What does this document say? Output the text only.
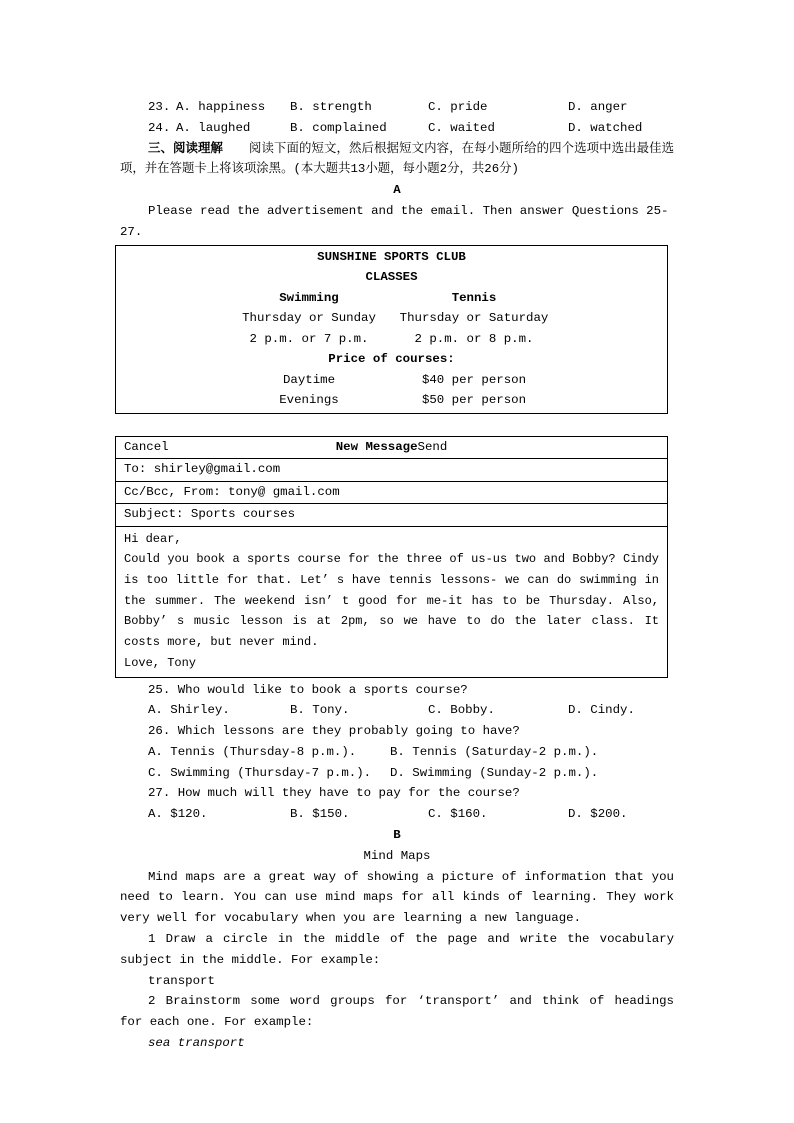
23. A. happiness	B. strength	C. pride	D. anger
24. A. laughed	B. complained	C. waited	D. watched

三、阅读理解 阅读下面的短文，然后根据短文内容，在每小题所给的四个选项中选出最佳选项，并在答题卡上将该项涂黑。(本大题共13小题，每小题2分，共26分)

A

Please read the advertisement and the email. Then answer Questions 25-27.

SUNSHINE SPORTS CLUB
CLASSES
Swimming	Tennis
Thursday or Sunday	Thursday or Saturday
2 p.m. or 7 p.m.	2 p.m. or 8 p.m.
Price of courses:
Daytime	$40 per person
Evenings	$50 per person
Cancel	New MessageSend
To: shirley@gmail.com
Cc/Bcc, From: tony@ gmail.com
Subject: Sports courses

Hi dear,

Could you book a sports course for the three of us-us two and Bobby? Cindy is too little for that. Let’ s have tennis lessons- we can do swimming in the summer. The weekend isn’ t good for me-it has to be Thursday. Also, Bobby’ s music lesson is at 2pm, so we have to do the later class. It costs more, but never mind.

Love, Tony

25. Who would like to book a sports course?

A. Shirley.	B. Tony.	C. Bobby.	D. Cindy.

26. Which lessons are they probably going to have?

A. Tennis (Thursday-8 p.m.).	B. Tennis (Saturday-2 p.m.).
C. Swimming (Thursday-7 p.m.).	D. Swimming (Sunday-2 p.m.).

27. How much will they have to pay for the course?

A. $120.	B. $150.	C. $160.	D. $200.
B
Mind Maps

Mind maps are a great way of showing a picture of information that you need to learn. You can use mind maps for all kinds of learning. They work very well for vocabulary when you are learning a new language.

1 Draw a circle in the middle of the page and write the vocabulary subject in the middle. For example:

transport

2 Brainstorm some word groups for ‘transport’ and think of headings for each one. For example:

sea transport
